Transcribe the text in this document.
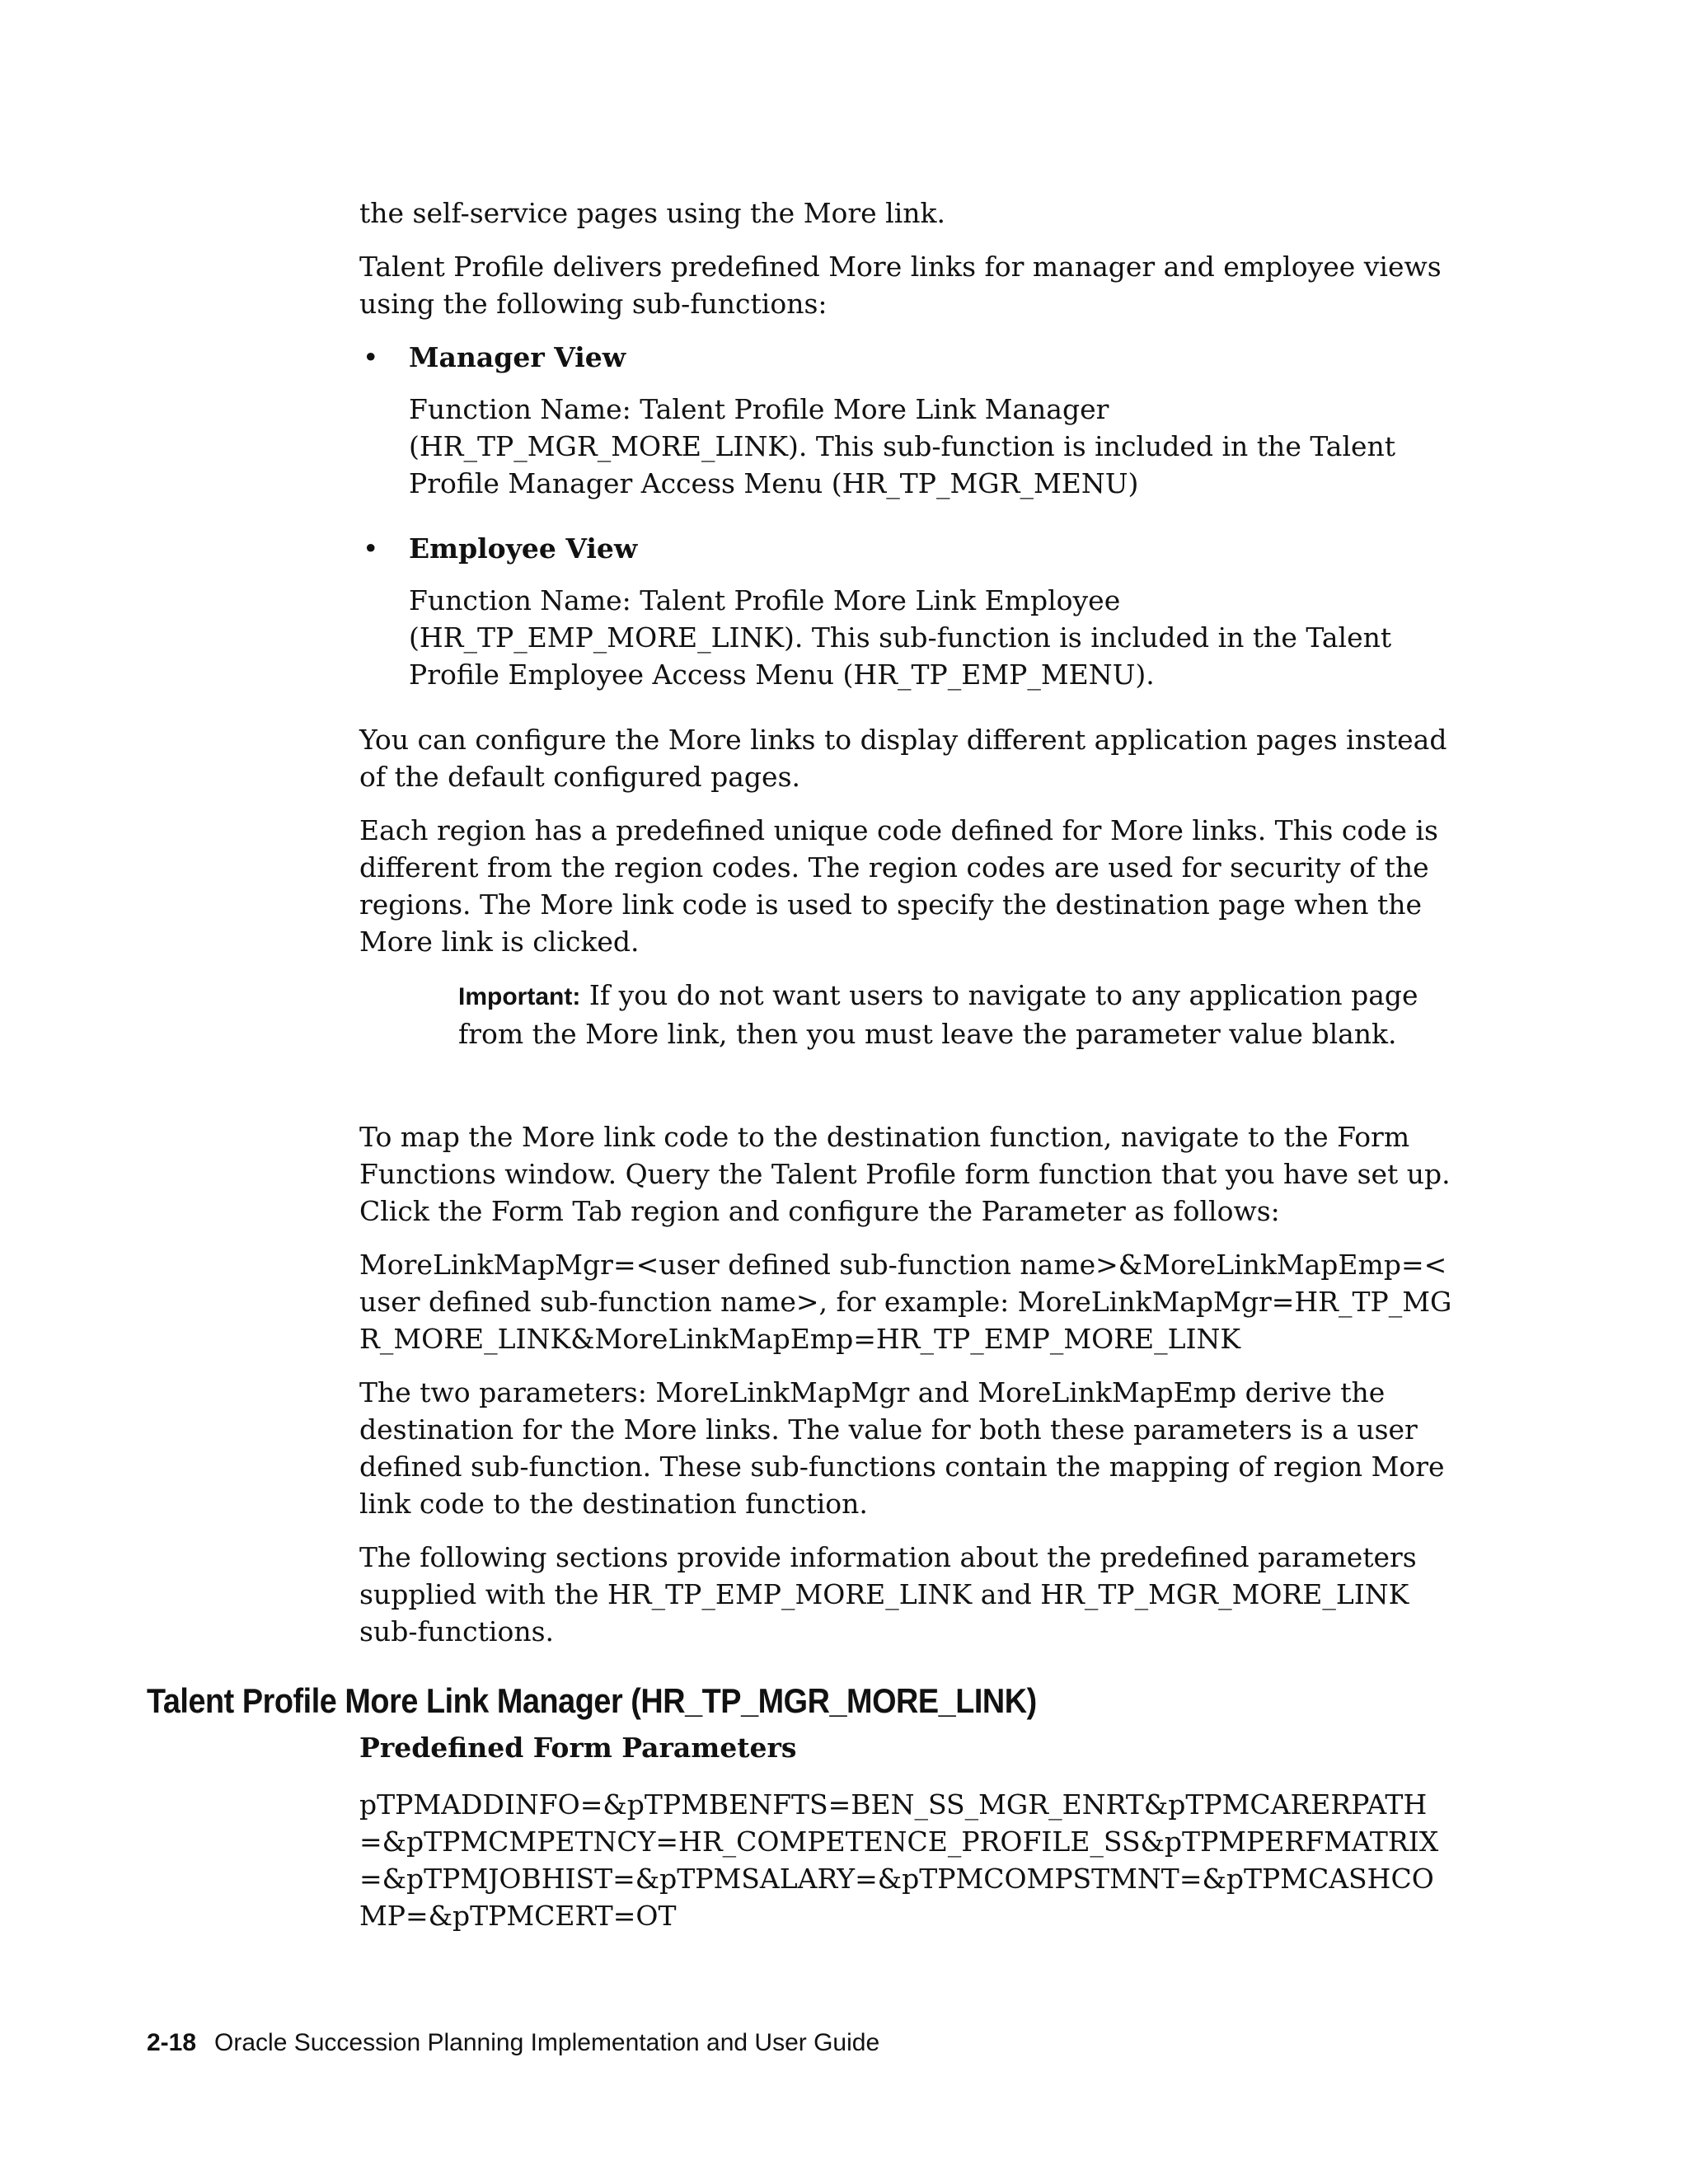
the self-service pages using the More link.

Talent Profile delivers predefined More links for manager and employee views using the following sub-functions:

• Manager View
Function Name: Talent Profile More Link Manager (HR_TP_MGR_MORE_LINK). This sub-function is included in the Talent Profile Manager Access Menu (HR_TP_MGR_MENU)
• Employee View
Function Name: Talent Profile More Link Employee (HR_TP_EMP_MORE_LINK). This sub-function is included in the Talent Profile Employee Access Menu (HR_TP_EMP_MENU).

You can configure the More links to display different application pages instead of the default configured pages.

Each region has a predefined unique code defined for More links. This code is different from the region codes. The region codes are used for security of the regions. The More link code is used to specify the destination page when the More link is clicked.

Important: If you do not want users to navigate to any application page from the More link, then you must leave the parameter value blank.

To map the More link code to the destination function, navigate to the Form Functions window. Query the Talent Profile form function that you have set up. Click the Form Tab region and configure the Parameter as follows:

MoreLinkMapMgr=<user defined sub-function name>&MoreLinkMapEmp=<user defined sub-function name>, for example: MoreLinkMapMgr=HR_TP_MGR_MORE_LINK&MoreLinkMapEmp=HR_TP_EMP_MORE_LINK

The two parameters: MoreLinkMapMgr and MoreLinkMapEmp derive the destination for the More links. The value for both these parameters is a user defined sub-function. These sub-functions contain the mapping of region More link code to the destination function.

The following sections provide information about the predefined parameters supplied with the HR_TP_EMP_MORE_LINK and HR_TP_MGR_MORE_LINK sub-functions.

Talent Profile More Link Manager (HR_TP_MGR_MORE_LINK)
Predefined Form Parameters

pTPMADDINFO=&pTPMBENFTS=BEN_SS_MGR_ENRT&pTPMCARERPATH=&pTPMCMPETNCY=HR_COMPETENCE_PROFILE_SS&pTPMPERFMATRIX=&pTPMJOBHIST=&pTPMSALARY=&pTPMCOMPSTMNT=&pTPMCASHCOMP=&pTPMCERT=OT

2-18 Oracle Succession Planning Implementation and User Guide
